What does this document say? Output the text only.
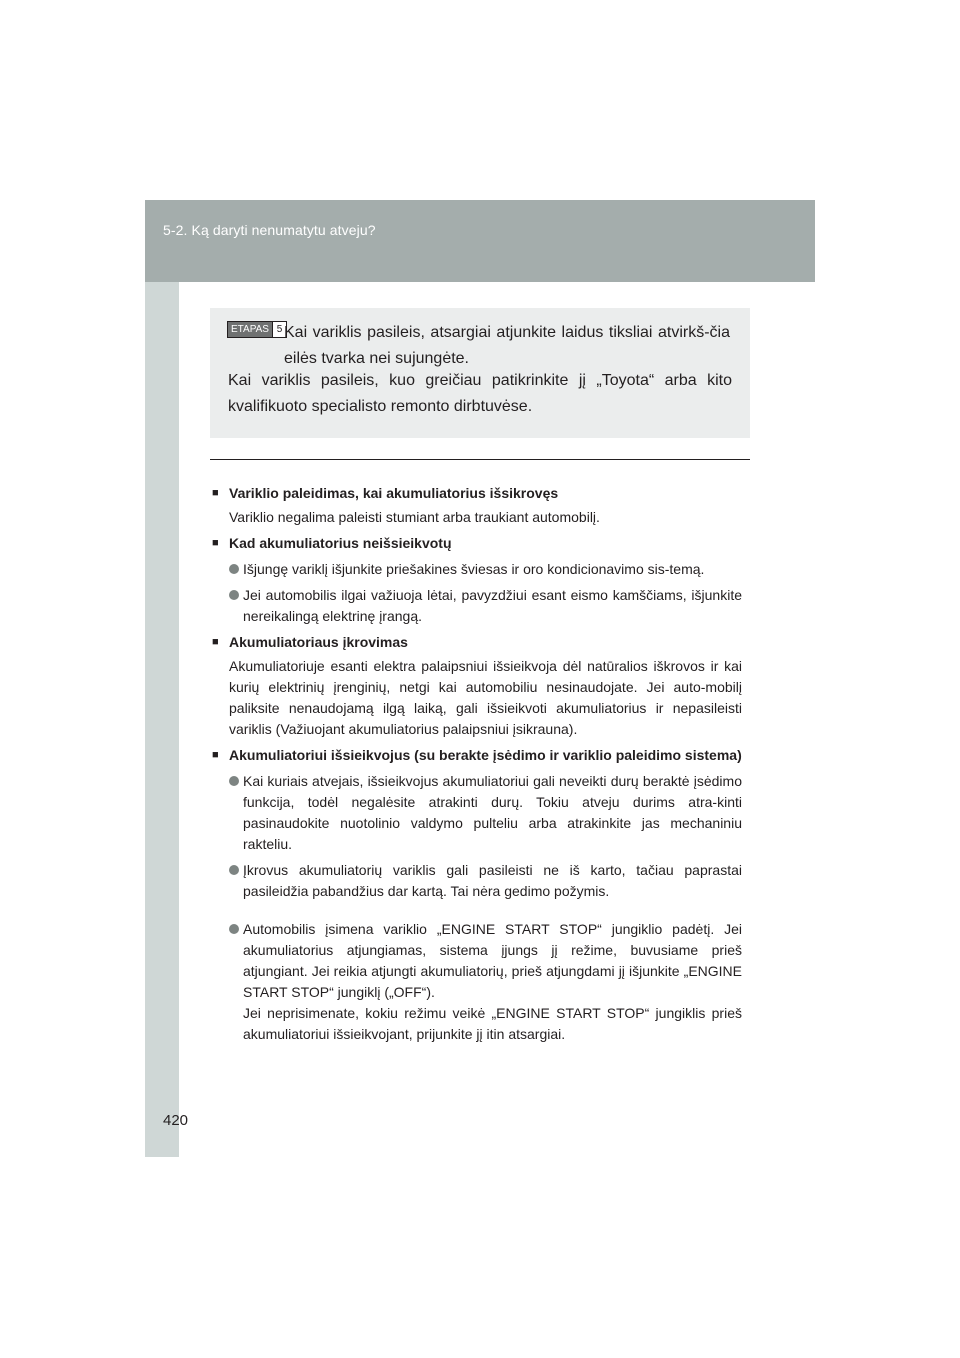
5-2. Ką daryti nenumatytu atveju?
420
ETAPAS 5 Kai variklis pasileis, atsargiai atjunkite laidus tiksliai atvirkš-čia eilės tvarka nei sujungėte.
Kai variklis pasileis, kuo greičiau patikrinkite jį „Toyota“ arba kito kvalifikuoto specialisto remonto dirbtuvėse.
■ Variklio paleidimas, kai akumuliatorius išsikrovęs
Variklio negalima paleisti stumiant arba traukiant automobilį.
■ Kad akumuliatorius neišsieikvotų
Išjungę variklį išjunkite priešakines šviesas ir oro kondicionavimo sis-temą.
Jei automobilis ilgai važiuoja lėtai, pavyzdžiui esant eismo kamščiams, išjunkite nereikalingą elektrinę įrangą.
■ Akumuliatoriaus įkrovimas
Akumuliatoriuje esanti elektra palaipsniui išsieikvoja dėl natūralios iškrovos ir kai kurių elektrinių įrenginių, netgi kai automobiliu nesinaudojate. Jei auto-mobilį paliksite nenaudojamą ilgą laiką, gali išsieikvoti akumuliatorius ir nepasileisti variklis (Važiuojant akumuliatorius palaipsniui įsikrauna).
■ Akumuliatoriui išsieikvojus (su berakte įsėdimo ir variklio paleidimo sistema)
Kai kuriais atvejais, išsieikvojus akumuliatoriui gali neveikti durų beraktė įsėdimo funkcija, todėl negalėsite atrakinti durų. Tokiu atveju durims atra-kinti pasinaudokite nuotolinio valdymo pulteliu arba atrakinkite jas mechaniniu rakteliu.
Įkrovus akumuliatorių variklis gali pasileisti ne iš karto, tačiau paprastai pasileidžia pabandžius dar kartą. Tai nėra gedimo požymis.
Automobilis įsimena variklio „ENGINE START STOP“ jungiklio padėtį. Jei akumuliatorius atjungiamas, sistema įjungs jį režime, buvusiame prieš atjungiant. Jei reikia atjungti akumuliatorių, prieš atjungdami jį išjunkite „ENGINE START STOP“ jungiklį („OFF“).
Jei neprisimenate, kokiu režimu veikė „ENGINE START STOP“ jungiklis prieš akumuliatoriui išsieikvojant, prijunkite jį itin atsargiai.
